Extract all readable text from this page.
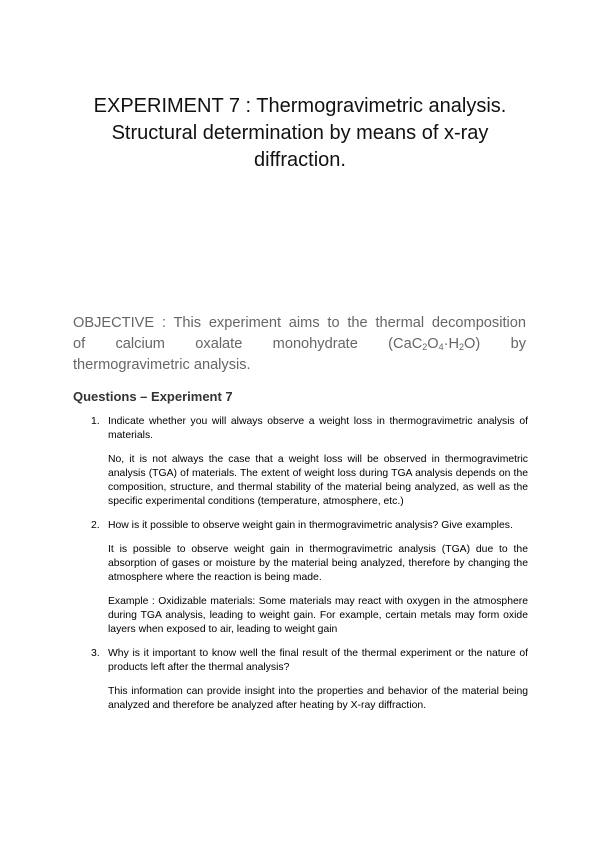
EXPERIMENT 7 : Thermogravimetric analysis.
Structural determination by means of x-ray
diffraction.
OBJECTIVE : This experiment aims to the thermal decomposition
of calcium oxalate monohydrate $(CaC_2O_4\cdot H_2O)$ by
thermogravimetric analysis.
Questions – Experiment 7
1. Indicate whether you will always observe a weight loss in thermogravimetric analysis of materials.
No, it is not always the case that a weight loss will be observed in thermogravimetric analysis (TGA) of materials. The extent of weight loss during TGA analysis depends on the composition, structure, and thermal stability of the material being analyzed, as well as the specific experimental conditions (temperature, atmosphere, etc.)
2. How is it possible to observe weight gain in thermogravimetric analysis? Give examples.
It is possible to observe weight gain in thermogravimetric analysis (TGA) due to the absorption of gases or moisture by the material being analyzed, therefore by changing the atmosphere where the reaction is being made.
Example : Oxidizable materials: Some materials may react with oxygen in the atmosphere during TGA analysis, leading to weight gain. For example, certain metals may form oxide layers when exposed to air, leading to weight gain
3. Why is it important to know well the final result of the thermal experiment or the nature of products left after the thermal analysis?
This information can provide insight into the properties and behavior of the material being analyzed and therefore be analyzed after heating by X-ray diffraction.
